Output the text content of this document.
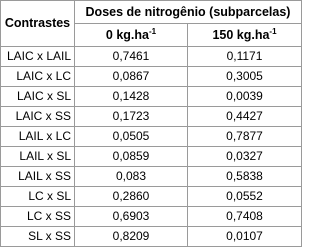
Contrastes	Doses de nitrogênio (subparcelas)	
	0 $kg.ha^{-1}$	150 $kg.ha^{-1}$
LAIC x LAIL	0,7461	0,1171
LAIC x LC	0,0867	0,3005
LAIC x SL	0,1428	0,0039
LAIC x SS	0,1723	0,4427
LAIL x LC	0,0505	0,7877
LAIL x SL	0,0859	0,0327
LAIL x SS	0,083	0,5838
LC x SL	0,2860	0,0552
LC x SS	0,6903	0,7408
SL x SS	0,8209	0,0107
